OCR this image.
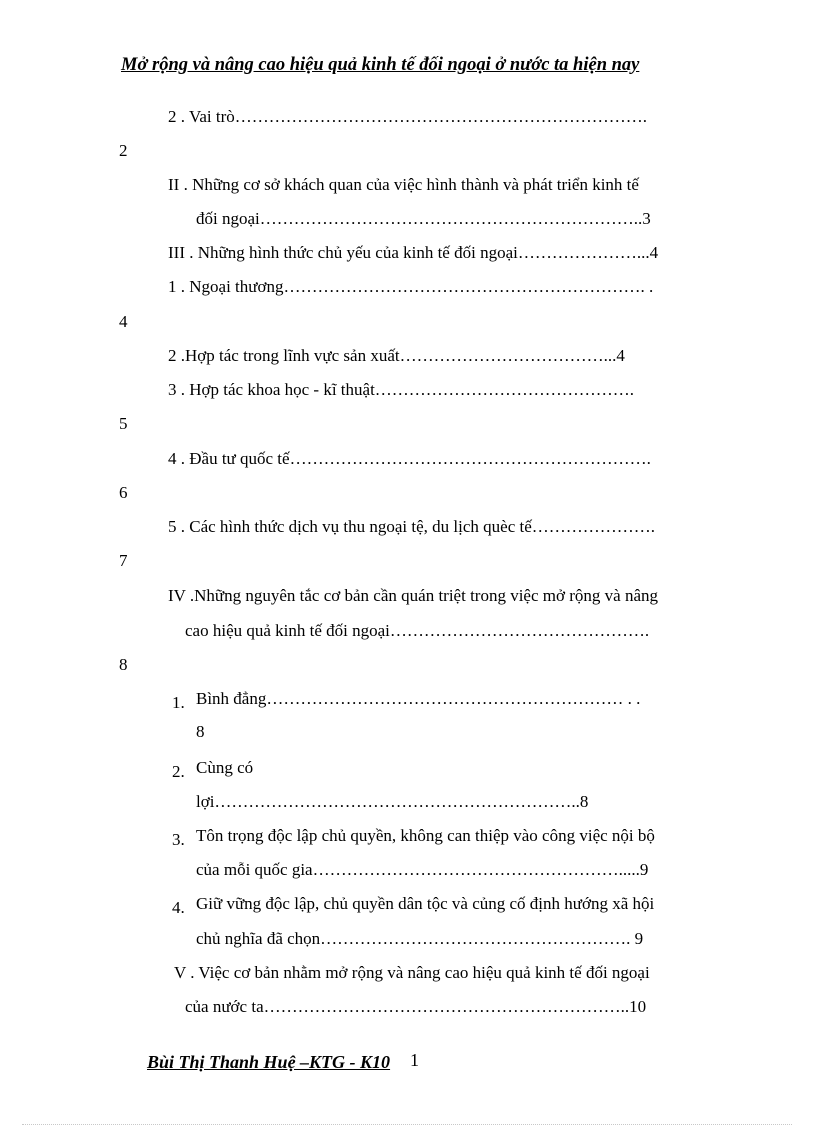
Mở rộng và nâng cao hiệu quả kinh tế đối ngoại ở nước ta hiện nay
2 . Vai trò……………………………………………………………….
2
II . Những cơ sở khách quan của việc hình thành và phát triển kinh tế
đối ngoại…………………………………………………………..3
III . Những hình thức chủ yếu của kinh tế đối ngoại…………………...4
1 . Ngoại thương………………………………………………………. .
4
2 .Hợp tác trong lĩnh vực sản xuất………………………………...4
3 . Hợp tác khoa học - kĩ thuật……………………………………….
5
4 . Đầu tư quốc tế……………………………………………………….
6
5 . Các hình thức dịch vụ thu ngoại tệ, du lịch quèc tế………………….
7
IV .Những nguyên tắc cơ bản cần quán triệt trong việc mở rộng và nâng
cao hiệu quả kinh tế đối ngoại……………………………………….
8
1. Bình đẳng……………………………………………………… . .
8
2. Cùng có
lợi………………………………………………………..8
3. Tôn trọng độc lập chủ quyền, không can thiệp vào công việc nội bộ
của mỗi quốc gia……………………………………………….....9
4. Giữ vững độc lập, chủ quyền dân tộc và củng cố định hướng xã hội
chủ nghĩa đã chọn………………………………………………. 9
V . Việc cơ bản nhằm mở rộng và nâng cao hiệu quả kinh tế đối ngoại
của nước ta………………………………………………………..10
Bùi Thị Thanh Huệ –KTG - K10 1
